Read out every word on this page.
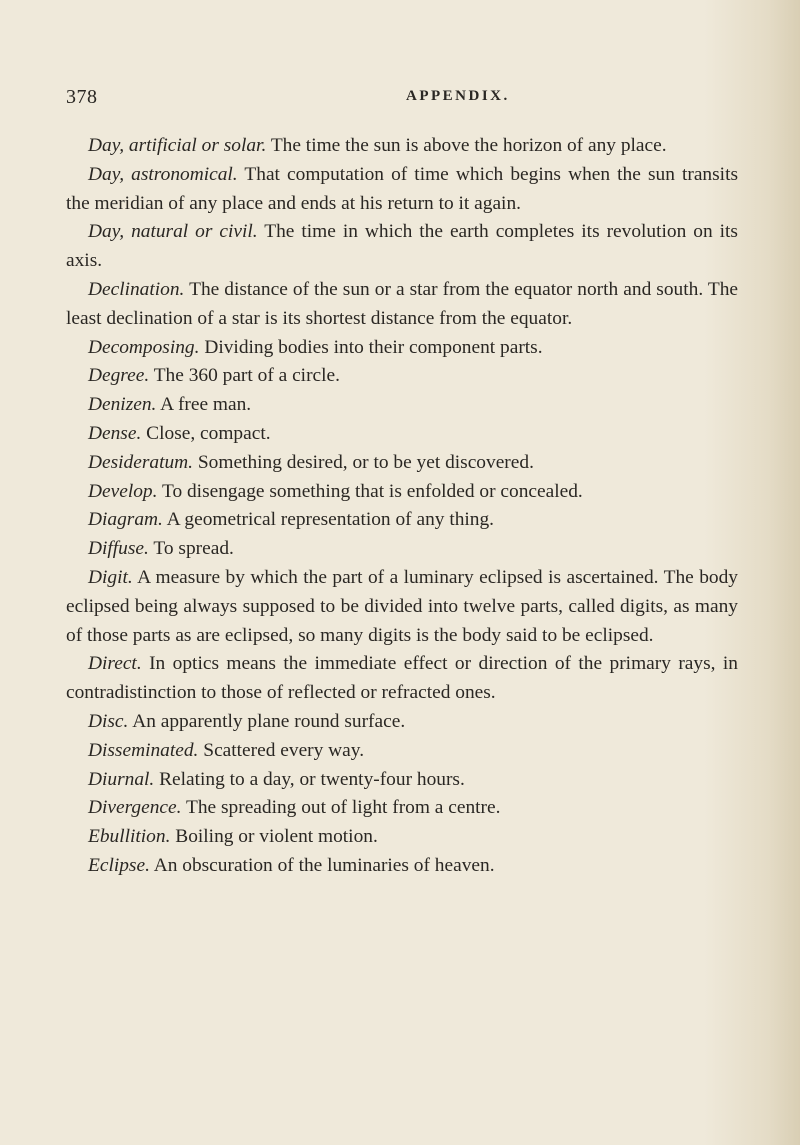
378	APPENDIX.

Day, artificial or solar. The time the sun is above the horizon of any place.

Day, astronomical. That computation of time which begins when the sun transits the meridian of any place and ends at his return to it again.

Day, natural or civil. The time in which the earth completes its revolution on its axis.

Declination. The distance of the sun or a star from the equator north and south. The least declination of a star is its shortest distance from the equator.

Decomposing. Dividing bodies into their component parts.

Degree. The 360 part of a circle.

Denizen. A free man.

Dense. Close, compact.

Desideratum. Something desired, or to be yet discovered.

Develop. To disengage something that is enfolded or concealed.

Diagram. A geometrical representation of any thing.

Diffuse. To spread.

Digit. A measure by which the part of a luminary eclipsed is ascertained. The body eclipsed being always supposed to be divided into twelve parts, called digits, as many of those parts as are eclipsed, so many digits is the body said to be eclipsed.

Direct. In optics means the immediate effect or direction of the primary rays, in contradistinction to those of reflected or refracted ones.

Disc. An apparently plane round surface.

Disseminated. Scattered every way.

Diurnal. Relating to a day, or twenty-four hours.

Divergence. The spreading out of light from a centre.

Ebullition. Boiling or violent motion.

Eclipse. An obscuration of the luminaries of heaven.
